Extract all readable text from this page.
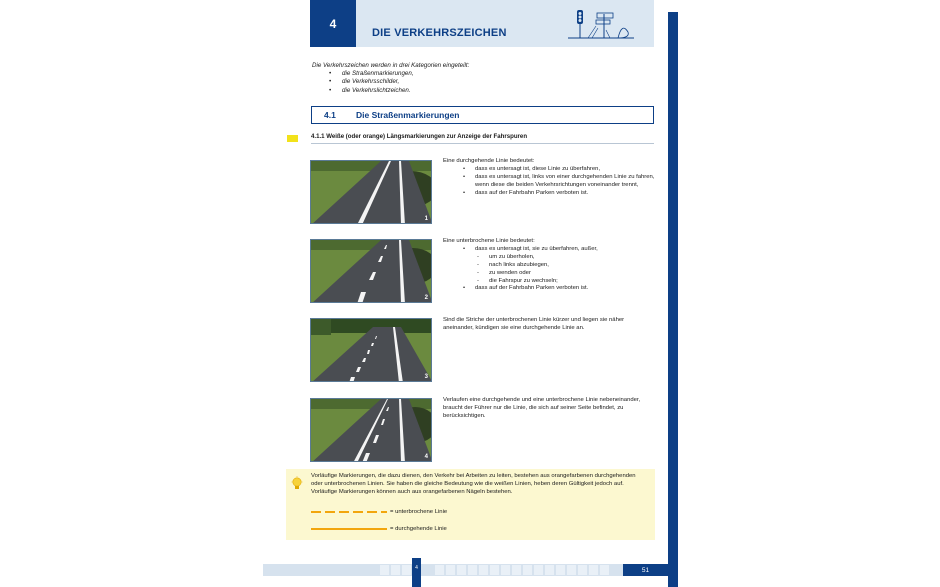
4
DIE VERKEHRSZEICHEN
Die Verkehrszeichen werden in drei Kategorien eingeteilt:
• die Straßenmarkierungen,
• die Verkehrsschilder,
• die Verkehrslichtzeichen.
4.1	Die Straßenmarkierungen
4.1.1 Weiße (oder orange) Längsmarkierungen zur Anzeige der Fahrspuren
1
2
3
4
Eine durchgehende Linie bedeutet:
• dass es untersagt ist, diese Linie zu überfahren,
• dass es untersagt ist, links von einer durchgehenden Linie zu fahren, wenn diese die beiden Verkehrsrichtungen voneinander trennt,
• dass auf der Fahrbahn Parken verboten ist.
Eine unterbrochene Linie bedeutet:
• dass es untersagt ist, sie zu überfahren, außer,
- um zu überholen,
- nach links abzubiegen,
- zu wenden oder
- die Fahrspur zu wechseln;
• dass auf der Fahrbahn Parken verboten ist.
Sind die Striche der unterbrochenen Linie kürzer und liegen sie näher aneinander, kündigen sie eine durchgehende Linie an.
Verlaufen eine durchgehende und eine unterbrochene Linie nebeneinander, braucht der Führer nur die Linie, die sich auf seiner Seite befindet, zu berücksichtigen.
Vorläufige Markierungen, die dazu dienen, den Verkehr bei Arbeiten zu leiten, bestehen aus orangefarbenen durchgehenden oder unterbrochenen Linien. Sie haben die gleiche Bedeutung wie die weißen Linien, heben deren Gültigkeit jedoch auf. Vorläufige Markierungen können auch aus orangefarbenen Nägeln bestehen.
= unterbrochene Linie
= durchgehende Linie
4	51
